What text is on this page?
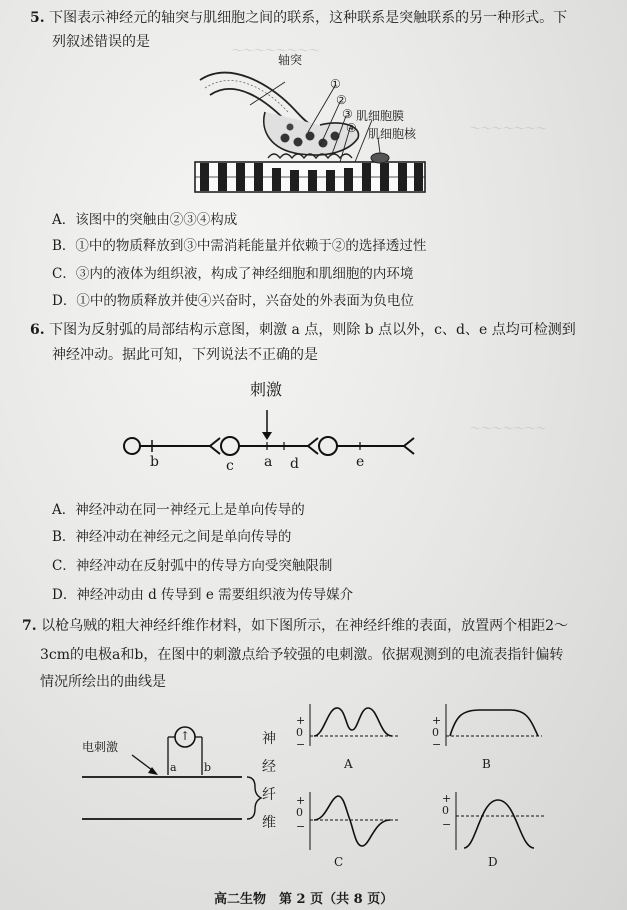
～～～～～～～～
～～～～～～～
～～～～～～～
5. 下图表示神经元的轴突与肌细胞之间的联系，这种联系是突触联系的另一种形式。下
列叙述错误的是
轴突
①
②
③
④
肌细胞膜
肌细胞核
A．该图中的突触由②③④构成
B．①中的物质释放到③中需消耗能量并依赖于②的选择透过性
C．③内的液体为组织液，构成了神经细胞和肌细胞的内环境
D．①中的物质释放并使④兴奋时，兴奋处的外表面为负电位
6. 下图为反射弧的局部结构示意图，刺激 a 点，则除 b 点以外，c、d、e 点均可检测到
神经冲动。据此可知，下列说法不正确的是
刺激
b	c a d	e
A．神经冲动在同一神经元上是单向传导的
B．神经冲动在神经元之间是单向传导的
C．神经冲动在反射弧中的传导方向受突触限制
D．神经冲动由 d 传导到 e 需要组织液为传导媒介
7. 以枪乌贼的粗大神经纤维作材料，如下图所示，在神经纤维的表面，放置两个相距2～
3cm的电极a和b，在图中的刺激点给予较强的电刺激。依据观测到的电流表指针偏转
情况所绘出的曲线是
电刺激
↑
a b
神
经
纤
维
+
0
−
A
+
0
−
B
+
0
−
C
+
0
−
D
高二生物　第 2 页（共 8 页）
